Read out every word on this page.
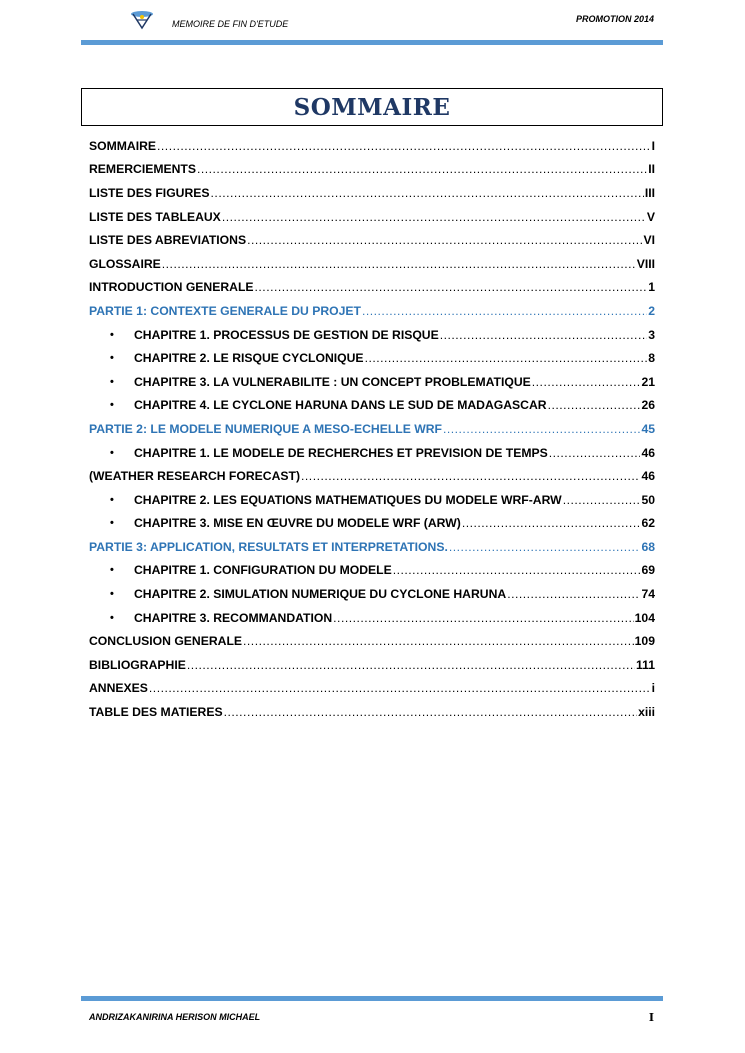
MEMOIRE DE FIN D'ETUDE	PROMOTION 2014
SOMMAIRE
SOMMAIRE .....	I
REMERCIEMENTS .....	II
LISTE DES FIGURES .....	III
LISTE DES TABLEAUX .....	V
LISTE DES ABREVIATIONS .....	VI
GLOSSAIRE .....	VIII
INTRODUCTION GENERALE .....	1
PARTIE 1: CONTEXTE GENERALE DU PROJET .....	2
•	CHAPITRE 1. PROCESSUS DE GESTION DE RISQUE .....	3
•	CHAPITRE 2. LE RISQUE CYCLONIQUE .....	8
•	CHAPITRE 3. LA VULNERABILITE : UN CONCEPT PROBLEMATIQUE .....	21
•	CHAPITRE 4. LE CYCLONE HARUNA DANS LE SUD DE MADAGASCAR .....	26
PARTIE 2: LE MODELE NUMERIQUE A MESO-ECHELLE WRF .....	45
•	CHAPITRE 1. LE MODELE DE RECHERCHES ET PREVISION DE TEMPS .....	46
(WEATHER RESEARCH FORECAST) .....	46
•	CHAPITRE 2. LES EQUATIONS MATHEMATIQUES DU MODELE WRF-ARW .....	50
•	CHAPITRE 3. MISE EN ŒUVRE DU MODELE WRF (ARW) .....	62
PARTIE 3: APPLICATION, RESULTATS ET INTERPRETATIONS. .....	68
•	CHAPITRE 1. CONFIGURATION DU MODELE .....	69
•	CHAPITRE 2. SIMULATION NUMERIQUE DU CYCLONE HARUNA .....	74
•	CHAPITRE 3. RECOMMANDATION .....	104
CONCLUSION GENERALE .....	109
BIBLIOGRAPHIE .....	111
ANNEXES .....	i
TABLE DES MATIERES .....	xiii
ANDRIZAKANIRINA HERISON MICHAEL	I
